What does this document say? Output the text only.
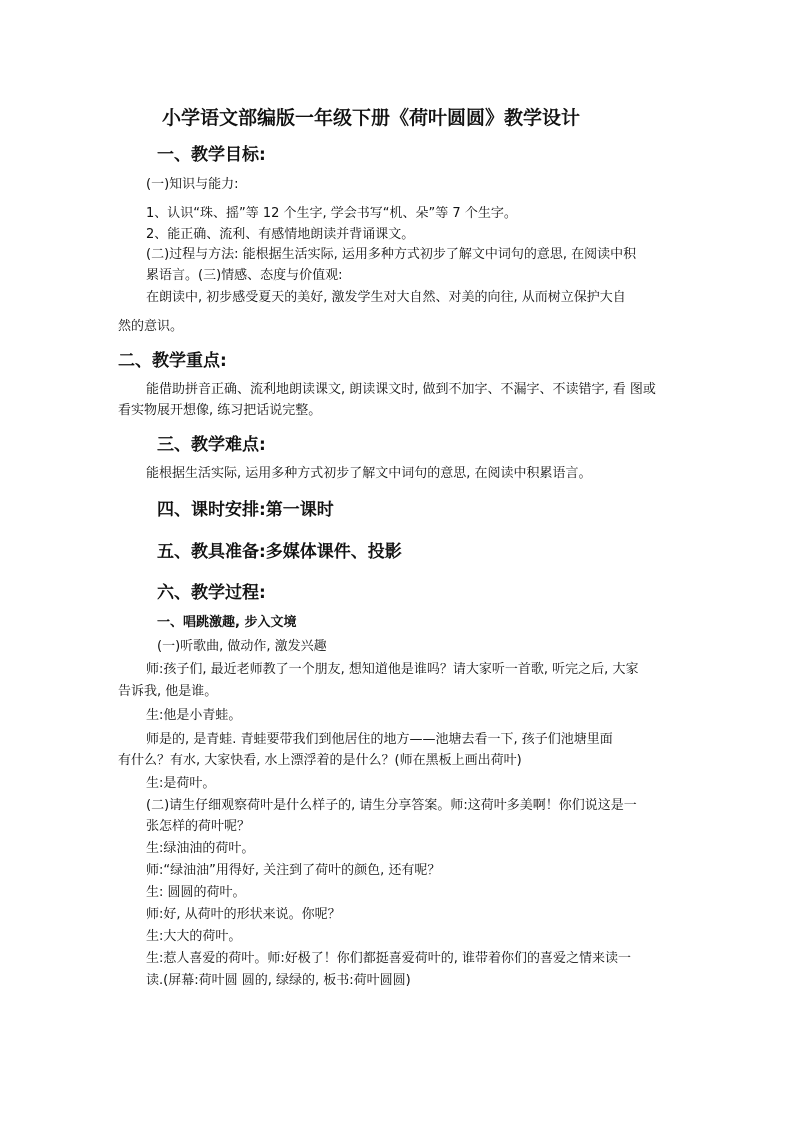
小学语文部编版一年级下册《荷叶圆圆》教学设计
一、教学目标:
(一)知识与能力:
1、认识“珠、摇”等 12 个生字, 学会书写“机、朵”等 7 个生字。
2、能正确、流利、有感情地朗读并背诵课文。
(二)过程与方法: 能根据生活实际, 运用多种方式初步了解文中词句的意思, 在阅读中积
累语言。(三)情感、态度与价值观:
在朗读中, 初步感受夏天的美好, 激发学生对大自然、对美的向往, 从而树立保护大自
然的意识。
二、教学重点:
能借助拼音正确、流利地朗读课文, 朗读课文时, 做到不加字、不漏字、不读错字, 看 图或
看实物展开想像, 练习把话说完整。
三、教学难点:
能根据生活实际, 运用多种方式初步了解文中词句的意思, 在阅读中积累语言。
四、课时安排:第一课时
五、教具准备:多媒体课件、投影
六、教学过程:
一、唱跳激趣, 步入文境
(一)听歌曲, 做动作, 激发兴趣
师:孩子们, 最近老师教了一个朋友, 想知道他是谁吗？请大家听一首歌, 听完之后, 大家
告诉我, 他是谁。
生:他是小青蛙。
师是的, 是青蛙. 青蛙要带我们到他居住的地方——池塘去看一下, 孩子们池塘里面
有什么？有水, 大家快看, 水上漂浮着的是什么？(师在黑板上画出荷叶)
生:是荷叶。
(二)请生仔细观察荷叶是什么样子的, 请生分享答案。师:这荷叶多美啊！你们说这是一
张怎样的荷叶呢？
生:绿油油的荷叶。
师:“绿油油”用得好, 关注到了荷叶的颜色, 还有呢？
生: 圆圆的荷叶。
师:好, 从荷叶的形状来说。你呢？
生:大大的荷叶。
生:惹人喜爱的荷叶。师:好极了！你们都挺喜爱荷叶的, 谁带着你们的喜爱之情来读一
读.(屏幕:荷叶圆 圆的, 绿绿的, 板书:荷叶圆圆)
